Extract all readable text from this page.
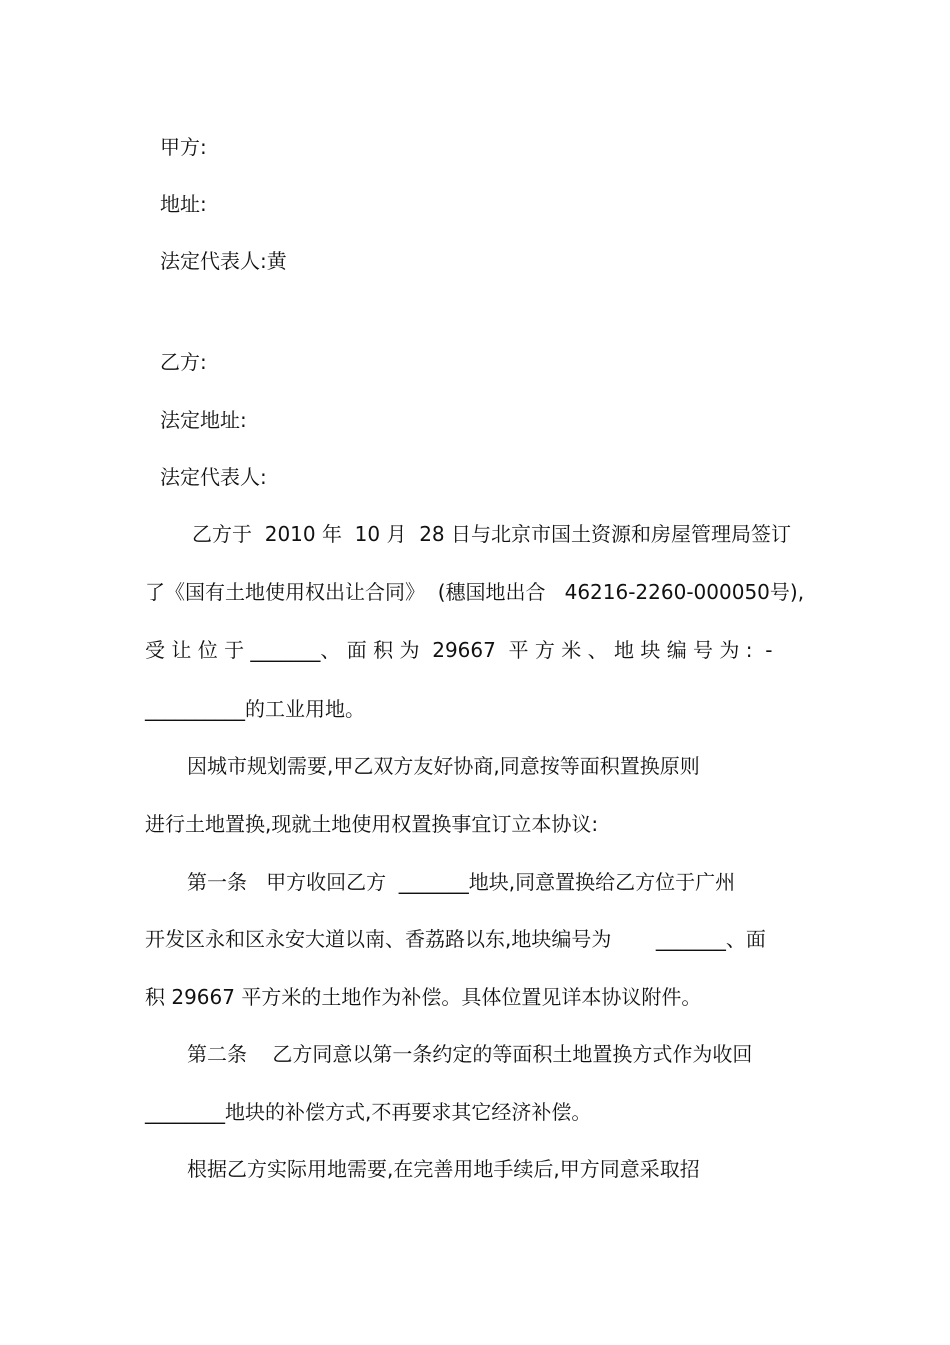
甲方:

地址:

法定代表人:黄

乙方:

法定地址:

法定代表人:

乙方于  2010 年  10 月  28 日与北京市国土资源和房屋管理局签订

了《国有土地使用权出让合同》  (穗国地出合   46216-2260-000050号),

受 让 位 于 _______、 面 积 为  29667  平 方 米 、 地 块 编 号 为 :  -

__________的工业用地。

因城市规划需要,甲乙双方友好协商,同意按等面积置换原则

进行土地置换,现就土地使用权置换事宜订立本协议:

第一条   甲方收回乙方  _______地块,同意置换给乙方位于广州

开发区永和区永安大道以南、香荔路以东,地块编号为       _______、面

积 29667 平方米的土地作为补偿。具体位置见详本协议附件。

第二条    乙方同意以第一条约定的等面积土地置换方式作为收回

________地块的补偿方式,不再要求其它经济补偿。

根据乙方实际用地需要,在完善用地手续后,甲方同意采取招
